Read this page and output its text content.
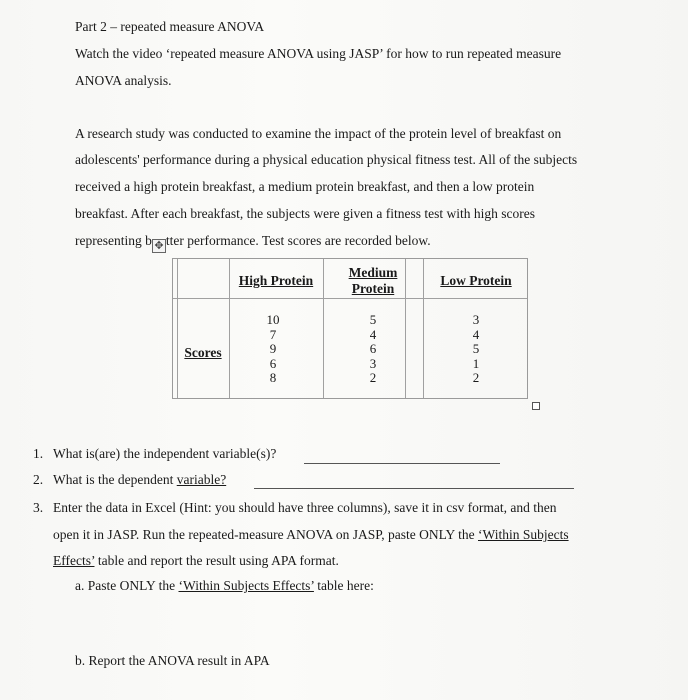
Part 2 – repeated measure ANOVA
Watch the video ‘repeated measure ANOVA using JASP’ for how to run repeated measure
ANOVA analysis.
A research study was conducted to examine the impact of the protein level of breakfast on
adolescents' performance during a physical education physical fitness test. All of the subjects
received a high protein breakfast, a medium protein breakfast, and then a low protein
breakfast. After each breakfast, the subjects were given a fitness test with high scores
representing b tter performance. Test scores are recorded below.
✥
High Protein
Medium
Protein
Low Protein
Scores
10
7
9
6
8
5
4
6
3
2
3
4
5
1
2
1. What is(are) the independent variable(s)?
2. What is the dependent variable?
3. Enter the data in Excel (Hint: you should have three columns), save it in csv format, and then
open it in JASP. Run the repeated-measure ANOVA on JASP, paste ONLY the ‘Within Subjects
Effects’ table and report the result using APA format.
a. Paste ONLY the ‘Within Subjects Effects’ table here:
b. Report the ANOVA result in APA
